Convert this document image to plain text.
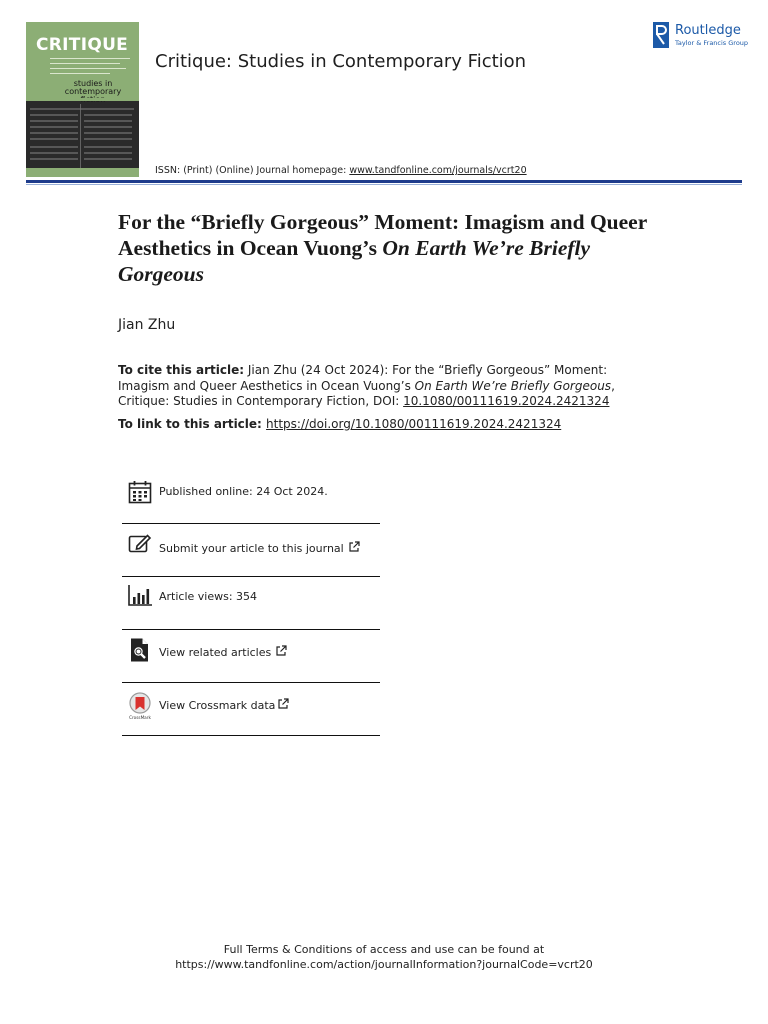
CRITIQUE
studies in
contemporary
Critique: Studies in Contemporary Fiction
ISSN: (Print) (Online) Journal homepage: www.tandfonline.com/journals/vcrt20
Routledge
Taylor & Francis Group
For the “Briefly Gorgeous” Moment: Imagism and Queer Aesthetics in Ocean Vuong’s On Earth We’re Briefly Gorgeous
Jian Zhu
To cite this article: Jian Zhu (24 Oct 2024): For the “Briefly Gorgeous” Moment: Imagism and Queer Aesthetics in Ocean Vuong’s On Earth We’re Briefly Gorgeous, Critique: Studies in Contemporary Fiction, DOI: 10.1080/00111619.2024.2421324
To link to this article: https://doi.org/10.1080/00111619.2024.2421324
Published online: 24 Oct 2024.
Submit your article to this journal
Article views: 354
View related articles
CrossMark
View Crossmark data
Full Terms & Conditions of access and use can be found at
https://www.tandfonline.com/action/journalInformation?journalCode=vcrt20
